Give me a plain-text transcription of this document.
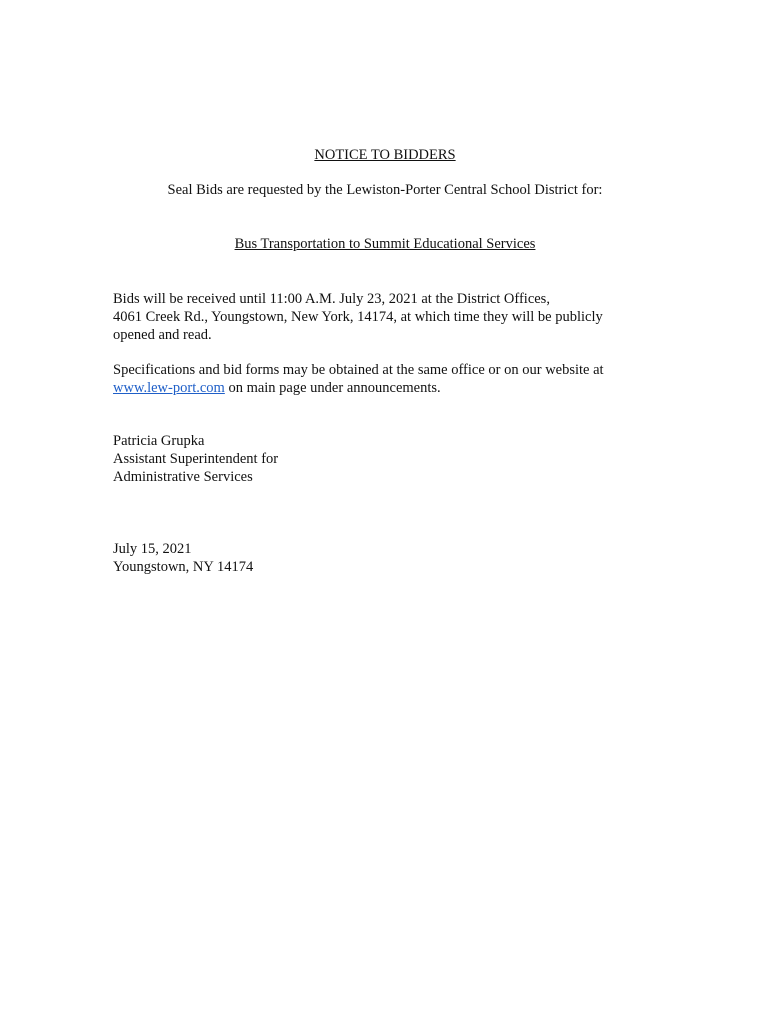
NOTICE TO BIDDERS
Seal Bids are requested by the Lewiston-Porter Central School District for:
Bus Transportation to Summit Educational Services
Bids will be received until 11:00 A.M. July 23, 2021 at the District Offices,
4061 Creek Rd., Youngstown, New York, 14174, at which time they will be publicly
opened and read.
Specifications and bid forms may be obtained at the same office or on our website at
www.lew-port.com on main page under announcements.
Patricia Grupka
Assistant Superintendent for
Administrative Services
July 15, 2021
Youngstown, NY 14174
